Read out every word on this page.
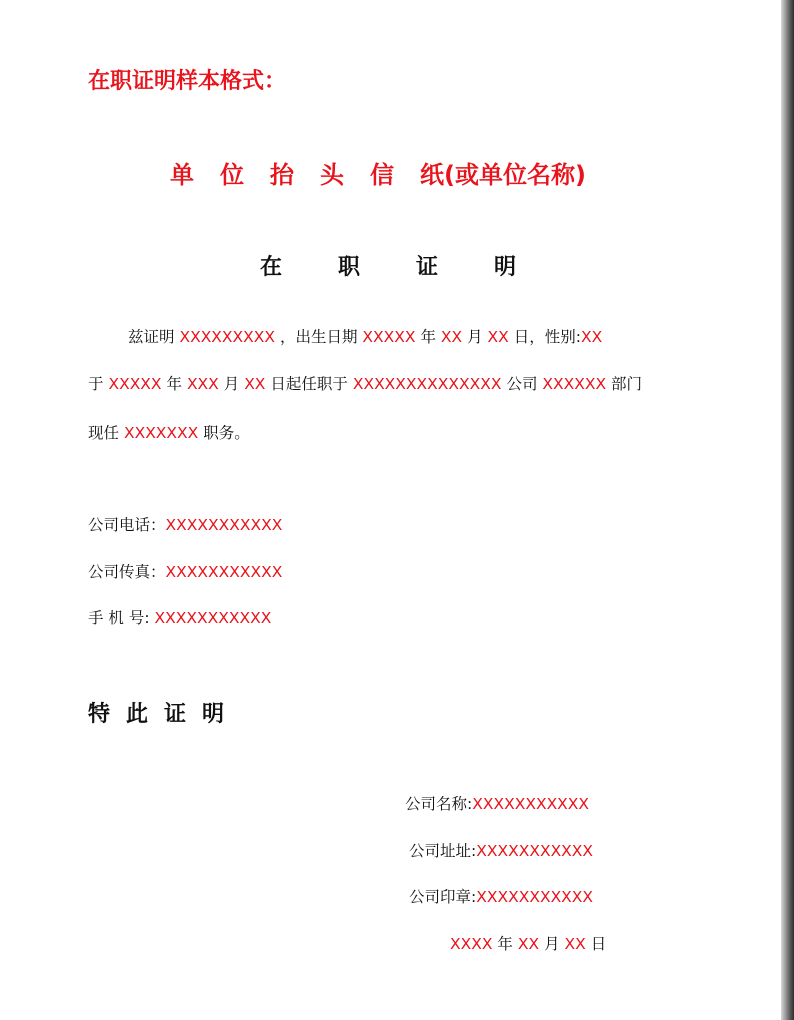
在职证明样本格式：
单 位 抬 头 信 纸(或单位名称)
在	职	证	明
兹证明 XXXXXXXXX ，出生日期 XXXXX 年 XX 月 XX 日，性别:XX
于 XXXXX 年 XXX 月 XX 日起任职于 XXXXXXXXXXXXXX 公司 XXXXXX 部门
现任 XXXXXXX 职务。
公司电话：XXXXXXXXXXX
公司传真：XXXXXXXXXXX
手 机 号: XXXXXXXXXXX
特此证明
公司名称:XXXXXXXXXXX
公司址址:XXXXXXXXXXX
公司印章:XXXXXXXXXXX
XXXX 年 XX 月 XX 日
